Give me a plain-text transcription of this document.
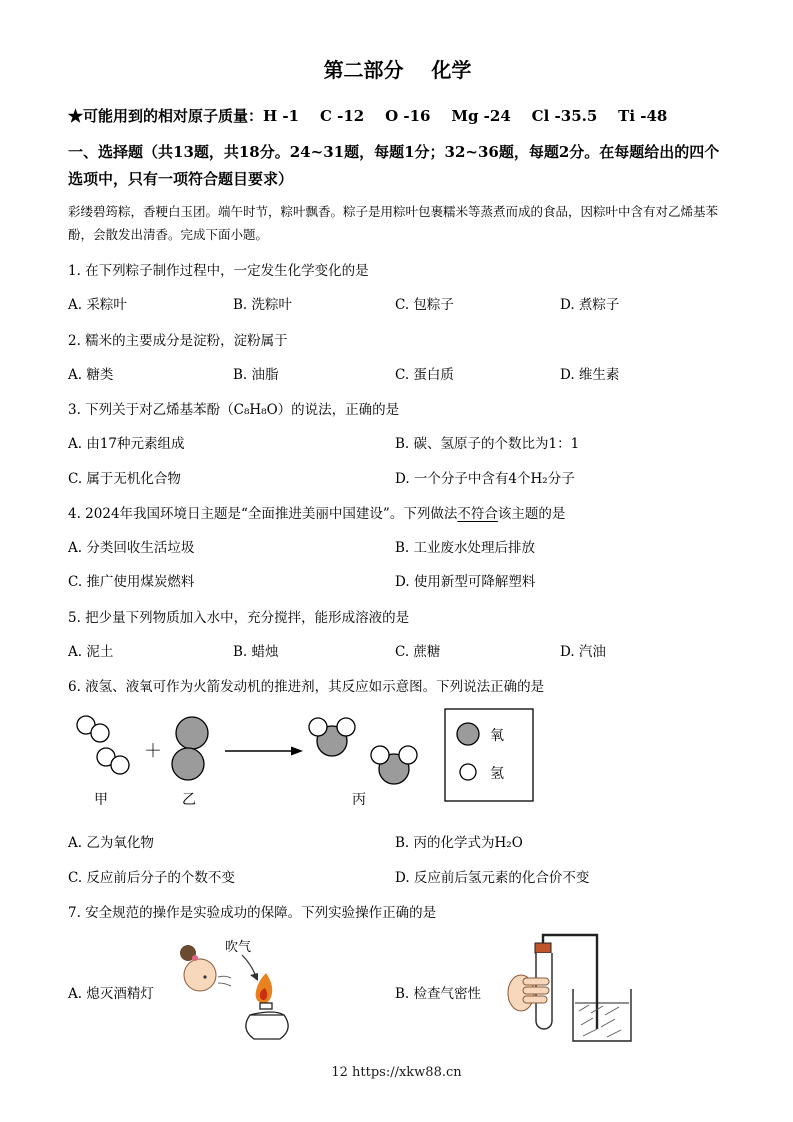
第二部分    化学

★可能用到的相对原子质量：H -1    C -12    O -16    Mg -24    Cl -35.5    Ti -48

一、选择题（共13题，共18分。24~31题，每题1分；32~36题，每题2分。在每题给出的四个选项中，只有一项符合题目要求）

彩缕碧筠粽，香粳白玉团。端午时节，粽叶飘香。粽子是用粽叶包裹糯米等蒸煮而成的食品，因粽叶中含有对乙烯基苯酚，会散发出清香。完成下面小题。

1. 在下列粽子制作过程中，一定发生化学变化的是

A. 采粽叶	B. 洗粽叶	C. 包粽子	D. 煮粽子

2. 糯米的主要成分是淀粉，淀粉属于

A. 糖类	B. 油脂	C. 蛋白质	D. 维生素

3. 下列关于对乙烯基苯酚（C₈H₈O）的说法，正确的是

A. 由17种元素组成	B. 碳、氢原子的个数比为1：1
C. 属于无机化合物	D. 一个分子中含有4个H₂分子

4. 2024年我国环境日主题是“全面推进美丽中国建设”。下列做法不符合该主题的是

A. 分类回收生活垃圾	B. 工业废水处理后排放
C. 推广使用煤炭燃料	D. 使用新型可降解塑料

5. 把少量下列物质加入水中，充分搅拌，能形成溶液的是

A. 泥土	B. 蜡烛	C. 蔗糖	D. 汽油

6. 液氢、液氧可作为火箭发动机的推进剂，其反应如示意图。下列说法正确的是

甲
＋
乙	丙
氧
氢
A. 乙为氧化物	B. 丙的化学式为H₂O
C. 反应前后分子的个数不变	D. 反应前后氢元素的化合价不变

7. 安全规范的操作是实验成功的保障。下列实验操作正确的是

A. 熄灭酒精灯
吹气
B. 检查气密性
12 https://xkw88.cn
